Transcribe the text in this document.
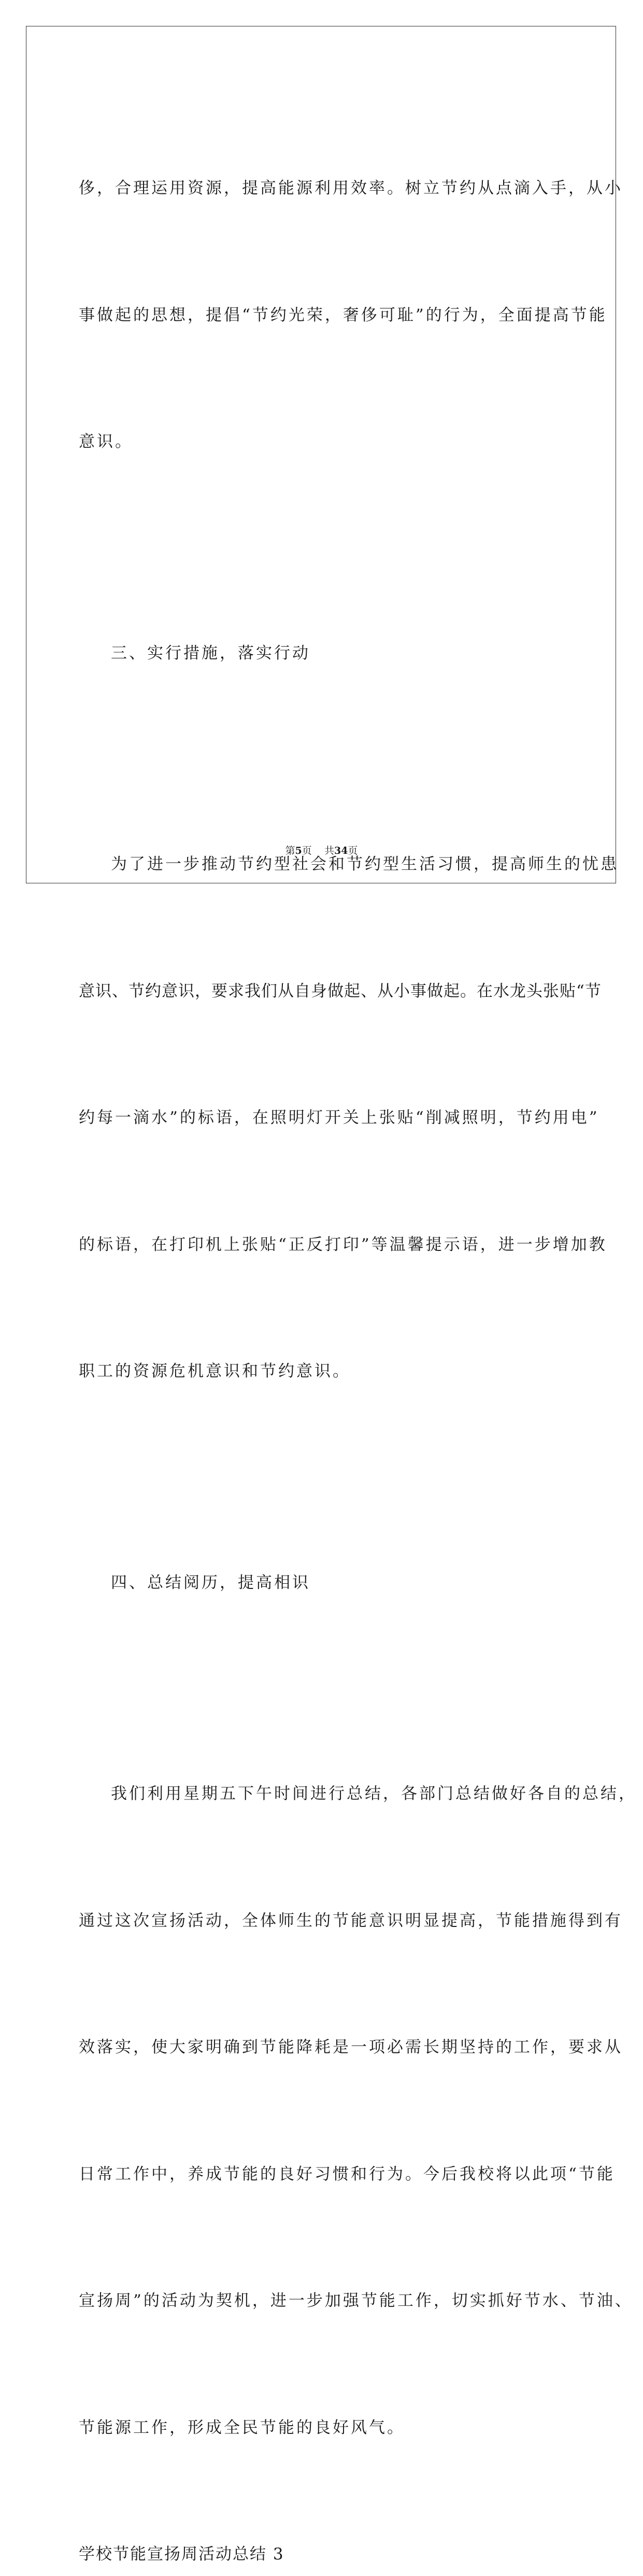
侈，合理运用资源，提高能源利用效率。树立节约从点滴入手，从小

事做起的思想，提倡“节约光荣，奢侈可耻”的行为，全面提高节能

意识。

三、实行措施，落实行动

为了进一步推动节约型社会和节约型生活习惯，提高师生的忧患

意识、节约意识，要求我们从自身做起、从小事做起。在水龙头张贴“节

约每一滴水”的标语，在照明灯开关上张贴“削减照明，节约用电”

的标语，在打印机上张贴“正反打印”等温馨提示语，进一步增加教

职工的资源危机意识和节约意识。

四、总结阅历，提高相识

我们利用星期五下午时间进行总结，各部门总结做好各自的总结，

通过这次宣扬活动，全体师生的节能意识明显提高，节能措施得到有

效落实，使大家明确到节能降耗是一项必需长期坚持的工作，要求从

日常工作中，养成节能的良好习惯和行为。今后我校将以此项“节能

宣扬周”的活动为契机，进一步加强节能工作，切实抓好节水、节油、

节能源工作，形成全民节能的良好风气。

学校节能宣扬周活动总结 3

第5页 共34页
